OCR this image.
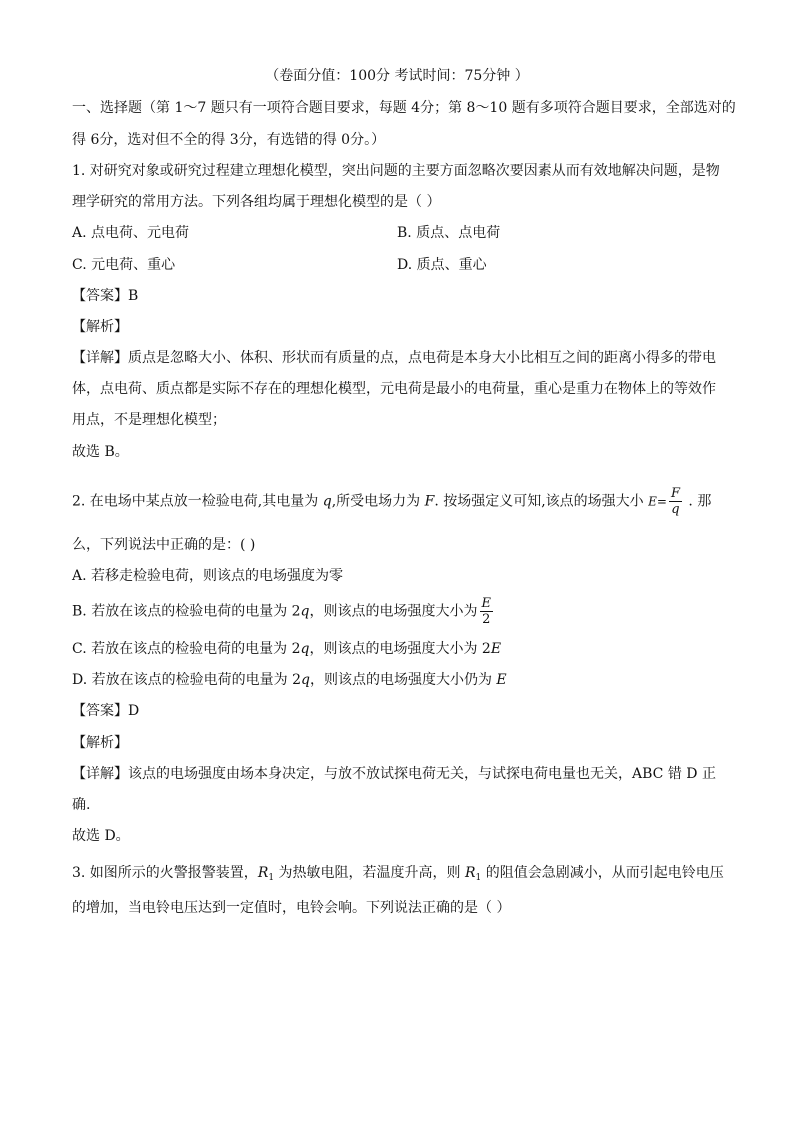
（卷面分值：100分 考试时间：75分钟 ）
一、选择题（第 1～7 题只有一项符合题目要求，每题 4分；第 8～10 题有多项符合题目要求，全部选对的
得 6分，选对但不全的得 3分，有选错的得 0分。）
1. 对研究对象或研究过程建立理想化模型，突出问题的主要方面忽略次要因素从而有效地解决问题，是物
理学研究的常用方法。下列各组均属于理想化模型的是（ ）
A. 点电荷、元电荷	B. 质点、点电荷
C. 元电荷、重心	D. 质点、重心
【答案】B
【解析】
【详解】质点是忽略大小、体积、形状而有质量的点，点电荷是本身大小比相互之间的距离小得多的带电
体，点电荷、质点都是实际不存在的理想化模型，元电荷是最小的电荷量，重心是重力在物体上的等效作
用点，不是理想化模型；
故选 B。
2. 在电场中某点放一检验电荷,其电量为 q,所受电场力为 F. 按场强定义可知,该点的场强大小 $E= \frac{F}{q}$ . 那
么，下列说法中正确的是：( )
A. 若移走检验电荷，则该点的电场强度为零
B. 若放在该点的检验电荷的电量为 2q，则该点的电场强度大小为 $\frac{E}{2}$
C. 若放在该点的检验电荷的电量为 2q，则该点的电场强度大小为 2E
D. 若放在该点的检验电荷的电量为 2q，则该点的电场强度大小仍为 E
【答案】D
【解析】
【详解】该点的电场强度由场本身决定，与放不放试探电荷无关，与试探电荷电量也无关，ABC 错 D 正
确.
故选 D。
3. 如图所示的火警报警装置，$R_1$ 为热敏电阻，若温度升高，则 $R_1$ 的阻值会急剧减小，从而引起电铃电压
的增加，当电铃电压达到一定值时，电铃会响。下列说法正确的是（ ）
